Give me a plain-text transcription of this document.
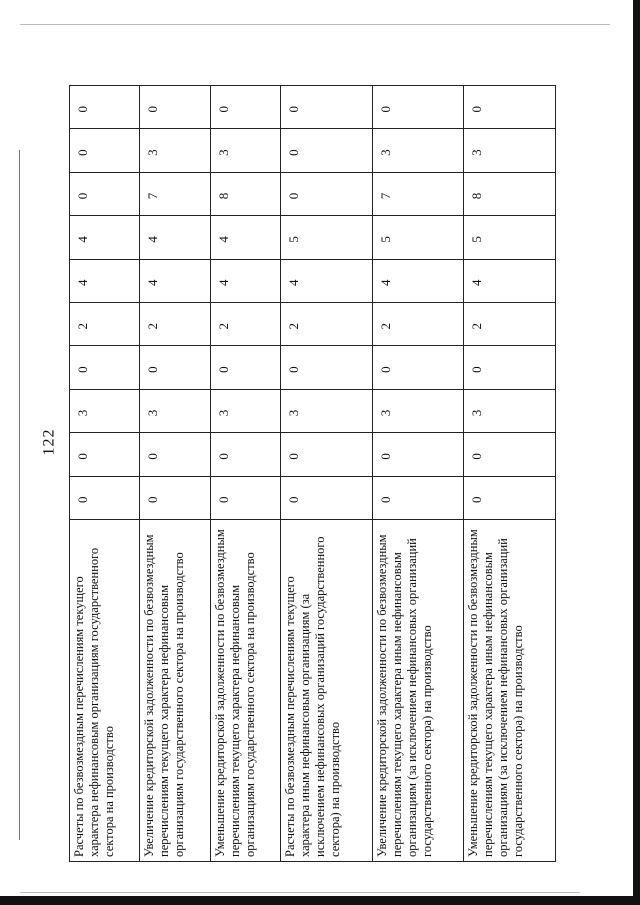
122
Расчеты по безвозмездным перечислениям текущего характера нефинансовым организациям государственного сектора на производство	0	0	3	0	2	4	4	0	0	0
Увеличение кредиторской задолженности по безвозмездным перечислениям текущего характера нефинансовым организациям государственного сектора на производство	0	0	3	0	2	4	4	7	3	0
Уменьшение кредиторской задолженности по безвозмездным перечислениям текущего характера нефинансовым организациям государственного сектора на производство	0	0	3	0	2	4	4	8	3	0
Расчеты по безвозмездным перечислениям текущего характера иным нефинансовым организациям (за исключением нефинансовых организаций государственного сектора) на производство	0	0	3	0	2	4	5	0	0	0
Увеличение кредиторской задолженности по безвозмездным перечислениям текущего характера иным нефинансовым организациям (за исключением нефинансовых организаций государственного сектора) на производство	0	0	3	0	2	4	5	7	3	0
Уменьшение кредиторской задолженности по безвозмездным перечислениям текущего характера иным нефинансовым организациям (за исключением нефинансовых организаций государственного сектора) на производство	0	0	3	0	2	4	5	8	3	0
